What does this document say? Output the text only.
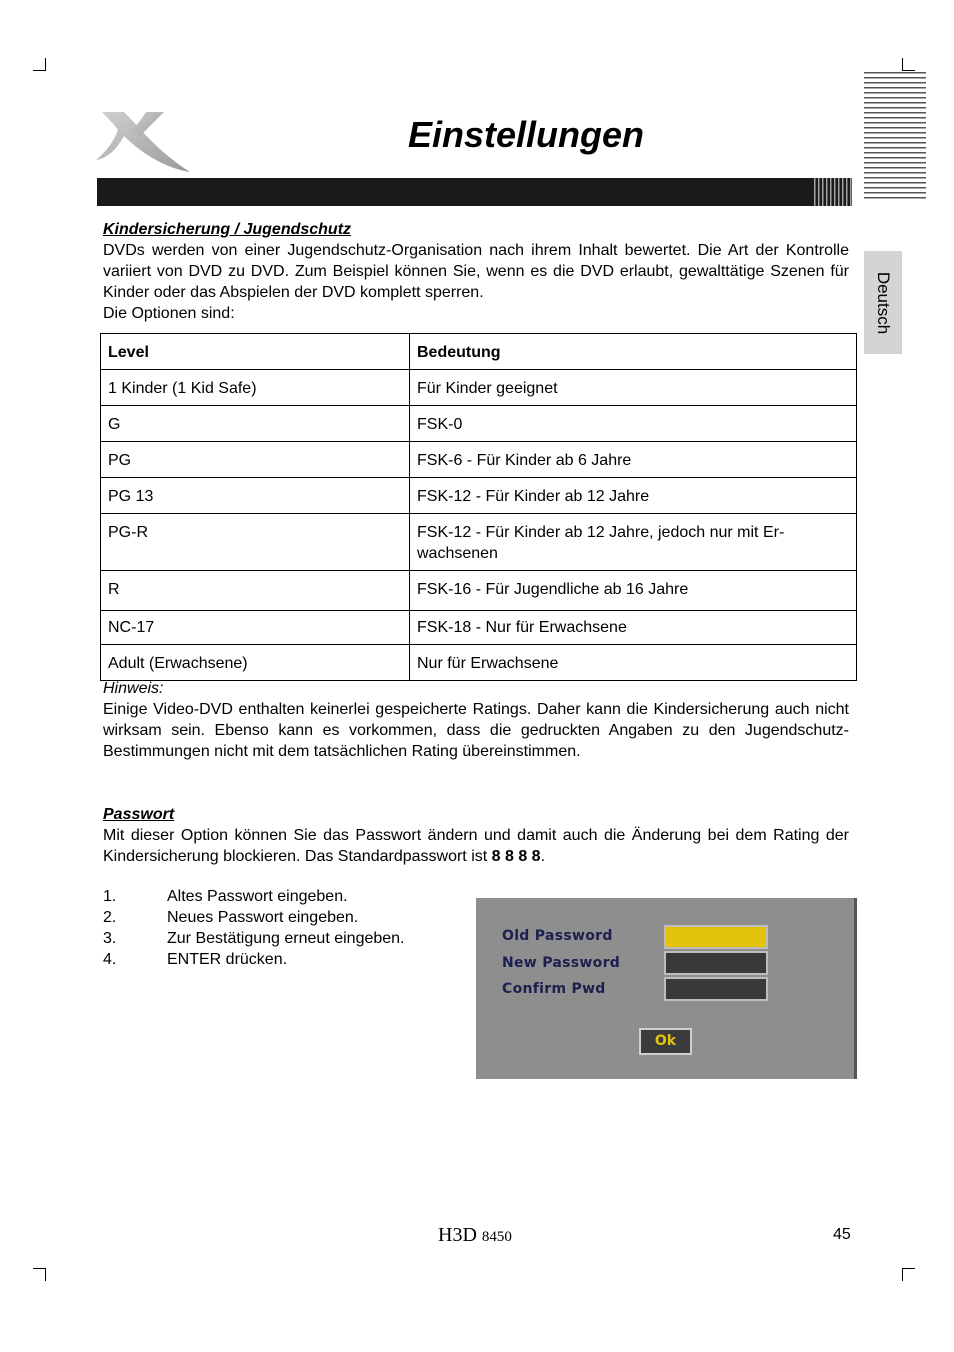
Einstellungen
Deutsch
Kindersicherung / Jugendschutz
DVDs werden von einer Jugendschutz-Organisation nach ihrem Inhalt bewertet. Die Art der Kontrolle variiert von DVD zu DVD. Zum Beispiel können Sie, wenn es die DVD erlaubt, gewalttätige Szenen für Kinder oder das Abspielen der DVD komplett sperren.
Die Optionen sind:
Level	Bedeutung
1 Kinder (1 Kid Safe)	Für Kinder geeignet
G	FSK-0
PG	FSK-6 - Für Kinder ab 6 Jahre
PG 13	FSK-12 - Für Kinder ab 12 Jahre
PG-R	FSK-12 - Für Kinder ab 12 Jahre, jedoch nur mit Er-wachsenen
R	FSK-16 - Für Jugendliche ab 16 Jahre
NC-17	FSK-18 - Nur für Erwachsene
Adult (Erwachsene)	Nur für Erwachsene
Hinweis:
Einige Video-DVD enthalten keinerlei gespeicherte Ratings. Daher kann die Kindersicherung auch nicht wirksam sein. Ebenso kann es vorkommen, dass die gedruckten Angaben zu den Jugendschutz-Bestimmungen nicht mit dem tatsächlichen Rating übereinstimmen.
Passwort
Mit dieser Option können Sie das Passwort ändern und damit auch die Änderung bei dem Rating der Kindersicherung blockieren. Das Standardpasswort ist 8 8 8 8.
1.	Altes Passwort eingeben.
2.	Neues Passwort eingeben.
3.	Zur Bestätigung erneut eingeben.
4.	ENTER drücken.
Old Password
New Password
Confirm Pwd
Ok
H3D 8450	45
